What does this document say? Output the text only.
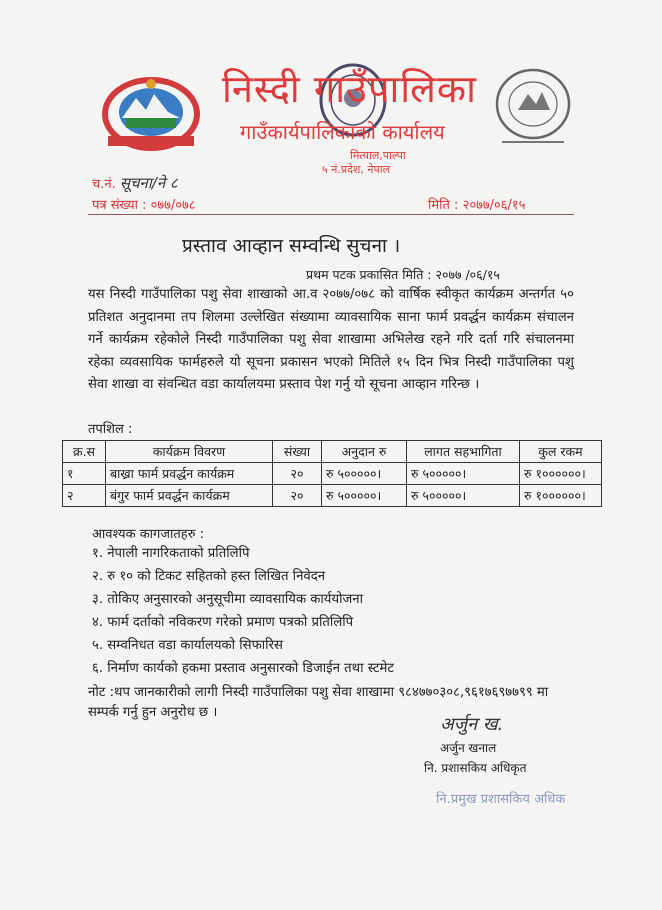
निस्दी गाउँपालिका
गाउँकार्यपालिकाको कार्यालय
मित्याल,पाल्पा
५ नं.प्रदेश, नेपाल
च.नं. सूचना/ने ८
पत्र संख्या : ०७७/०७८	मिति : २०७७/०६/१५
प्रस्ताव आव्हान सम्वन्धि सुचना ।
प्रथम पटक प्रकासित मिति : २०७७ /०६/१५
यस निस्दी गाउँपालिका पशु सेवा शाखाको आ.व २०७७/०७८ को वार्षिक स्वीकृत कार्यक्रम अन्तर्गत ५० प्रतिशत अनुदानमा तप शिलमा उल्लेखित संख्यामा व्यावसायिक साना फार्म प्रवर्द्धन कार्यक्रम संचालन गर्ने कार्यक्रम रहेकोले निस्दी गाउँपालिका पशु सेवा शाखामा अभिलेख रहने गरि दर्ता गरि संचालनमा रहेका व्यवसायिक फार्महरुले यो सूचना प्रकासन भएको मितिले १५ दिन भित्र निस्दी गाउँपालिका पशु सेवा शाखा वा संवन्धित वडा कार्यालयमा प्रस्ताव पेश गर्नु यो सूचना आव्हान गरिन्छ ।
तपशिल :
क्र.स	कार्यक्रम विवरण	संख्या	अनुदान रु	लागत सहभागिता	कुल रकम
१	बाख्रा फार्म प्रवर्द्धन कार्यक्रम	२०	रु ५०००००।	रु ५०००००।	रु १००००००।
२	बंगुर फार्म प्रवर्द्धन कार्यक्रम	२०	रु ५०००००।	रु ५०००००।	रु १००००००।
आवश्यक कागजातहरु :
१. नेपाली नागरिकताको प्रतिलिपि
२. रु १० को टिकट सहितको हस्त लिखित निवेदन
३. तोकिए अनुसारको अनुसूचीमा व्यावसायिक कार्ययोजना
४. फार्म दर्ताको नविकरण गरेको प्रमाण पत्रको प्रतिलिपि
५. सम्वनिधत वडा कार्यालयको सिफारिस
६. निर्माण कार्यको हकमा प्रस्ताव अनुसारको डिजाईन तथा स्टमेट
नोट :थप जानकारीको लागी निस्दी गाउँपालिका पशु सेवा शाखामा ९८४७७०३०८,९६१७६९७७९९ मा सम्पर्क गर्नु हुन अनुरोध छ ।
अर्जुन ख.
अर्जुन खनाल
नि. प्रशासकिय अधिकृत
नि.प्रमुख प्रशासकिय अधिक
